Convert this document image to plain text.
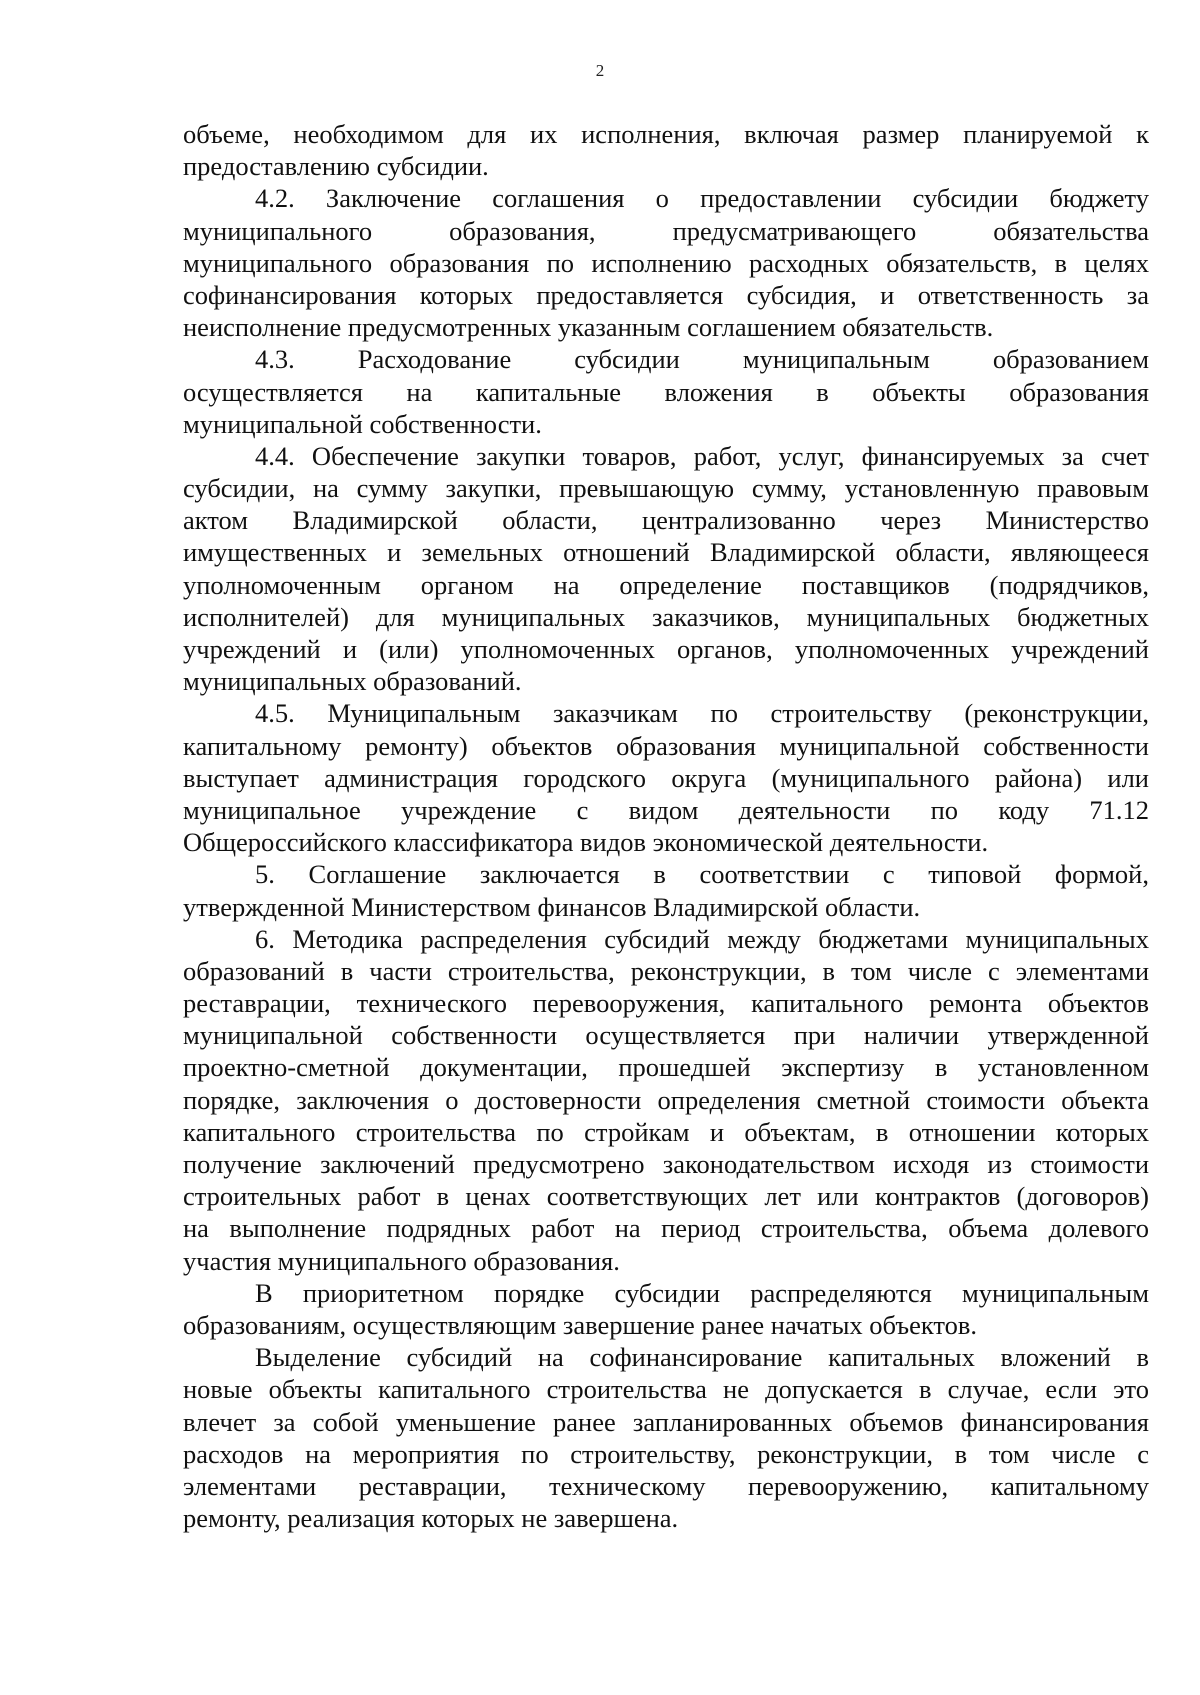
2
объеме, необходимом для их исполнения, включая размер планируемой к
предоставлению субсидии.
4.2. Заключение соглашения о предоставлении субсидии бюджету
муниципального образования, предусматривающего обязательства
муниципального образования по исполнению расходных обязательств, в целях
софинансирования которых предоставляется субсидия, и ответственность за
неисполнение предусмотренных указанным соглашением обязательств.
4.3. Расходование субсидии муниципальным образованием
осуществляется на капитальные вложения в объекты образования
муниципальной собственности.
4.4. Обеспечение закупки товаров, работ, услуг, финансируемых за счет
субсидии, на сумму закупки, превышающую сумму, установленную правовым
актом Владимирской области, централизованно через Министерство
имущественных и земельных отношений Владимирской области, являющееся
уполномоченным органом на определение поставщиков (подрядчиков,
исполнителей) для муниципальных заказчиков, муниципальных бюджетных
учреждений и (или) уполномоченных органов, уполномоченных учреждений
муниципальных образований.
4.5. Муниципальным заказчикам по строительству (реконструкции,
капитальному ремонту) объектов образования муниципальной собственности
выступает администрация городского округа (муниципального района) или
муниципальное учреждение с видом деятельности по коду 71.12
Общероссийского классификатора видов экономической деятельности.
5. Соглашение заключается в соответствии с типовой формой,
утвержденной Министерством финансов Владимирской области.
6. Методика распределения субсидий между бюджетами муниципальных
образований в части строительства, реконструкции, в том числе с элементами
реставрации, технического перевооружения, капитального ремонта объектов
муниципальной собственности осуществляется при наличии утвержденной
проектно-сметной документации, прошедшей экспертизу в установленном
порядке, заключения о достоверности определения сметной стоимости объекта
капитального строительства по стройкам и объектам, в отношении которых
получение заключений предусмотрено законодательством исходя из стоимости
строительных работ в ценах соответствующих лет или контрактов (договоров)
на выполнение подрядных работ на период строительства, объема долевого
участия муниципального образования.
В приоритетном порядке субсидии распределяются муниципальным
образованиям, осуществляющим завершение ранее начатых объектов.
Выделение субсидий на софинансирование капитальных вложений в
новые объекты капитального строительства не допускается в случае, если это
влечет за собой уменьшение ранее запланированных объемов финансирования
расходов на мероприятия по строительству, реконструкции, в том числе с
элементами реставрации, техническому перевооружению, капитальному
ремонту, реализация которых не завершена.
